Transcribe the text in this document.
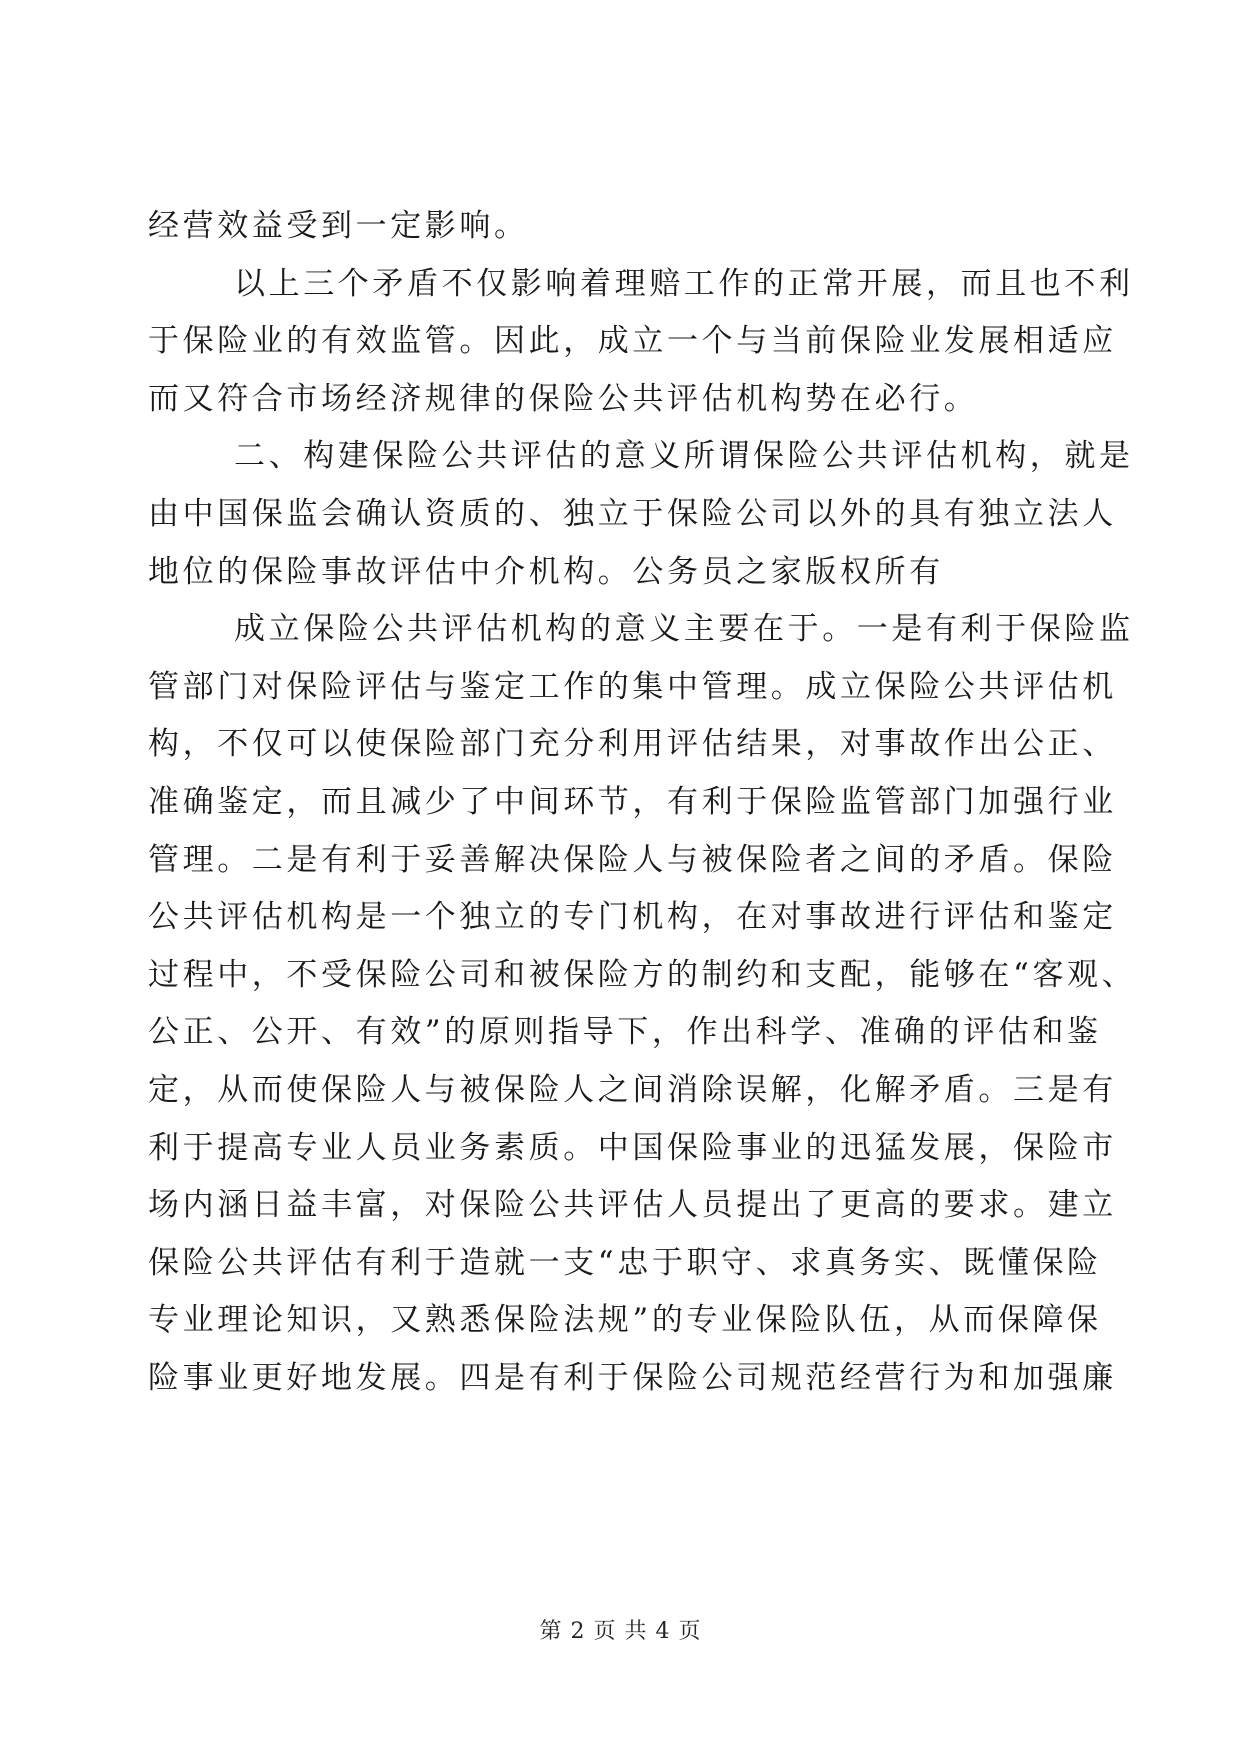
经营效益受到一定影响。
以上三个矛盾不仅影响着理赔工作的正常开展，而且也不利
于保险业的有效监管。因此，成立一个与当前保险业发展相适应
而又符合市场经济规律的保险公共评估机构势在必行。
二、构建保险公共评估的意义所谓保险公共评估机构，就是
由中国保监会确认资质的、独立于保险公司以外的具有独立法人
地位的保险事故评估中介机构。公务员之家版权所有
成立保险公共评估机构的意义主要在于。一是有利于保险监
管部门对保险评估与鉴定工作的集中管理。成立保险公共评估机
构，不仅可以使保险部门充分利用评估结果，对事故作出公正、
准确鉴定，而且减少了中间环节，有利于保险监管部门加强行业
管理。二是有利于妥善解决保险人与被保险者之间的矛盾。保险
公共评估机构是一个独立的专门机构，在对事故进行评估和鉴定
过程中，不受保险公司和被保险方的制约和支配，能够在“客观、
公正、公开、有效”的原则指导下，作出科学、准确的评估和鉴
定，从而使保险人与被保险人之间消除误解，化解矛盾。三是有
利于提高专业人员业务素质。中国保险事业的迅猛发展，保险市
场内涵日益丰富，对保险公共评估人员提出了更高的要求。建立
保险公共评估有利于造就一支“忠于职守、求真务实、既懂保险
专业理论知识，又熟悉保险法规”的专业保险队伍，从而保障保
险事业更好地发展。四是有利于保险公司规范经营行为和加强廉
第 2 页 共 4 页
